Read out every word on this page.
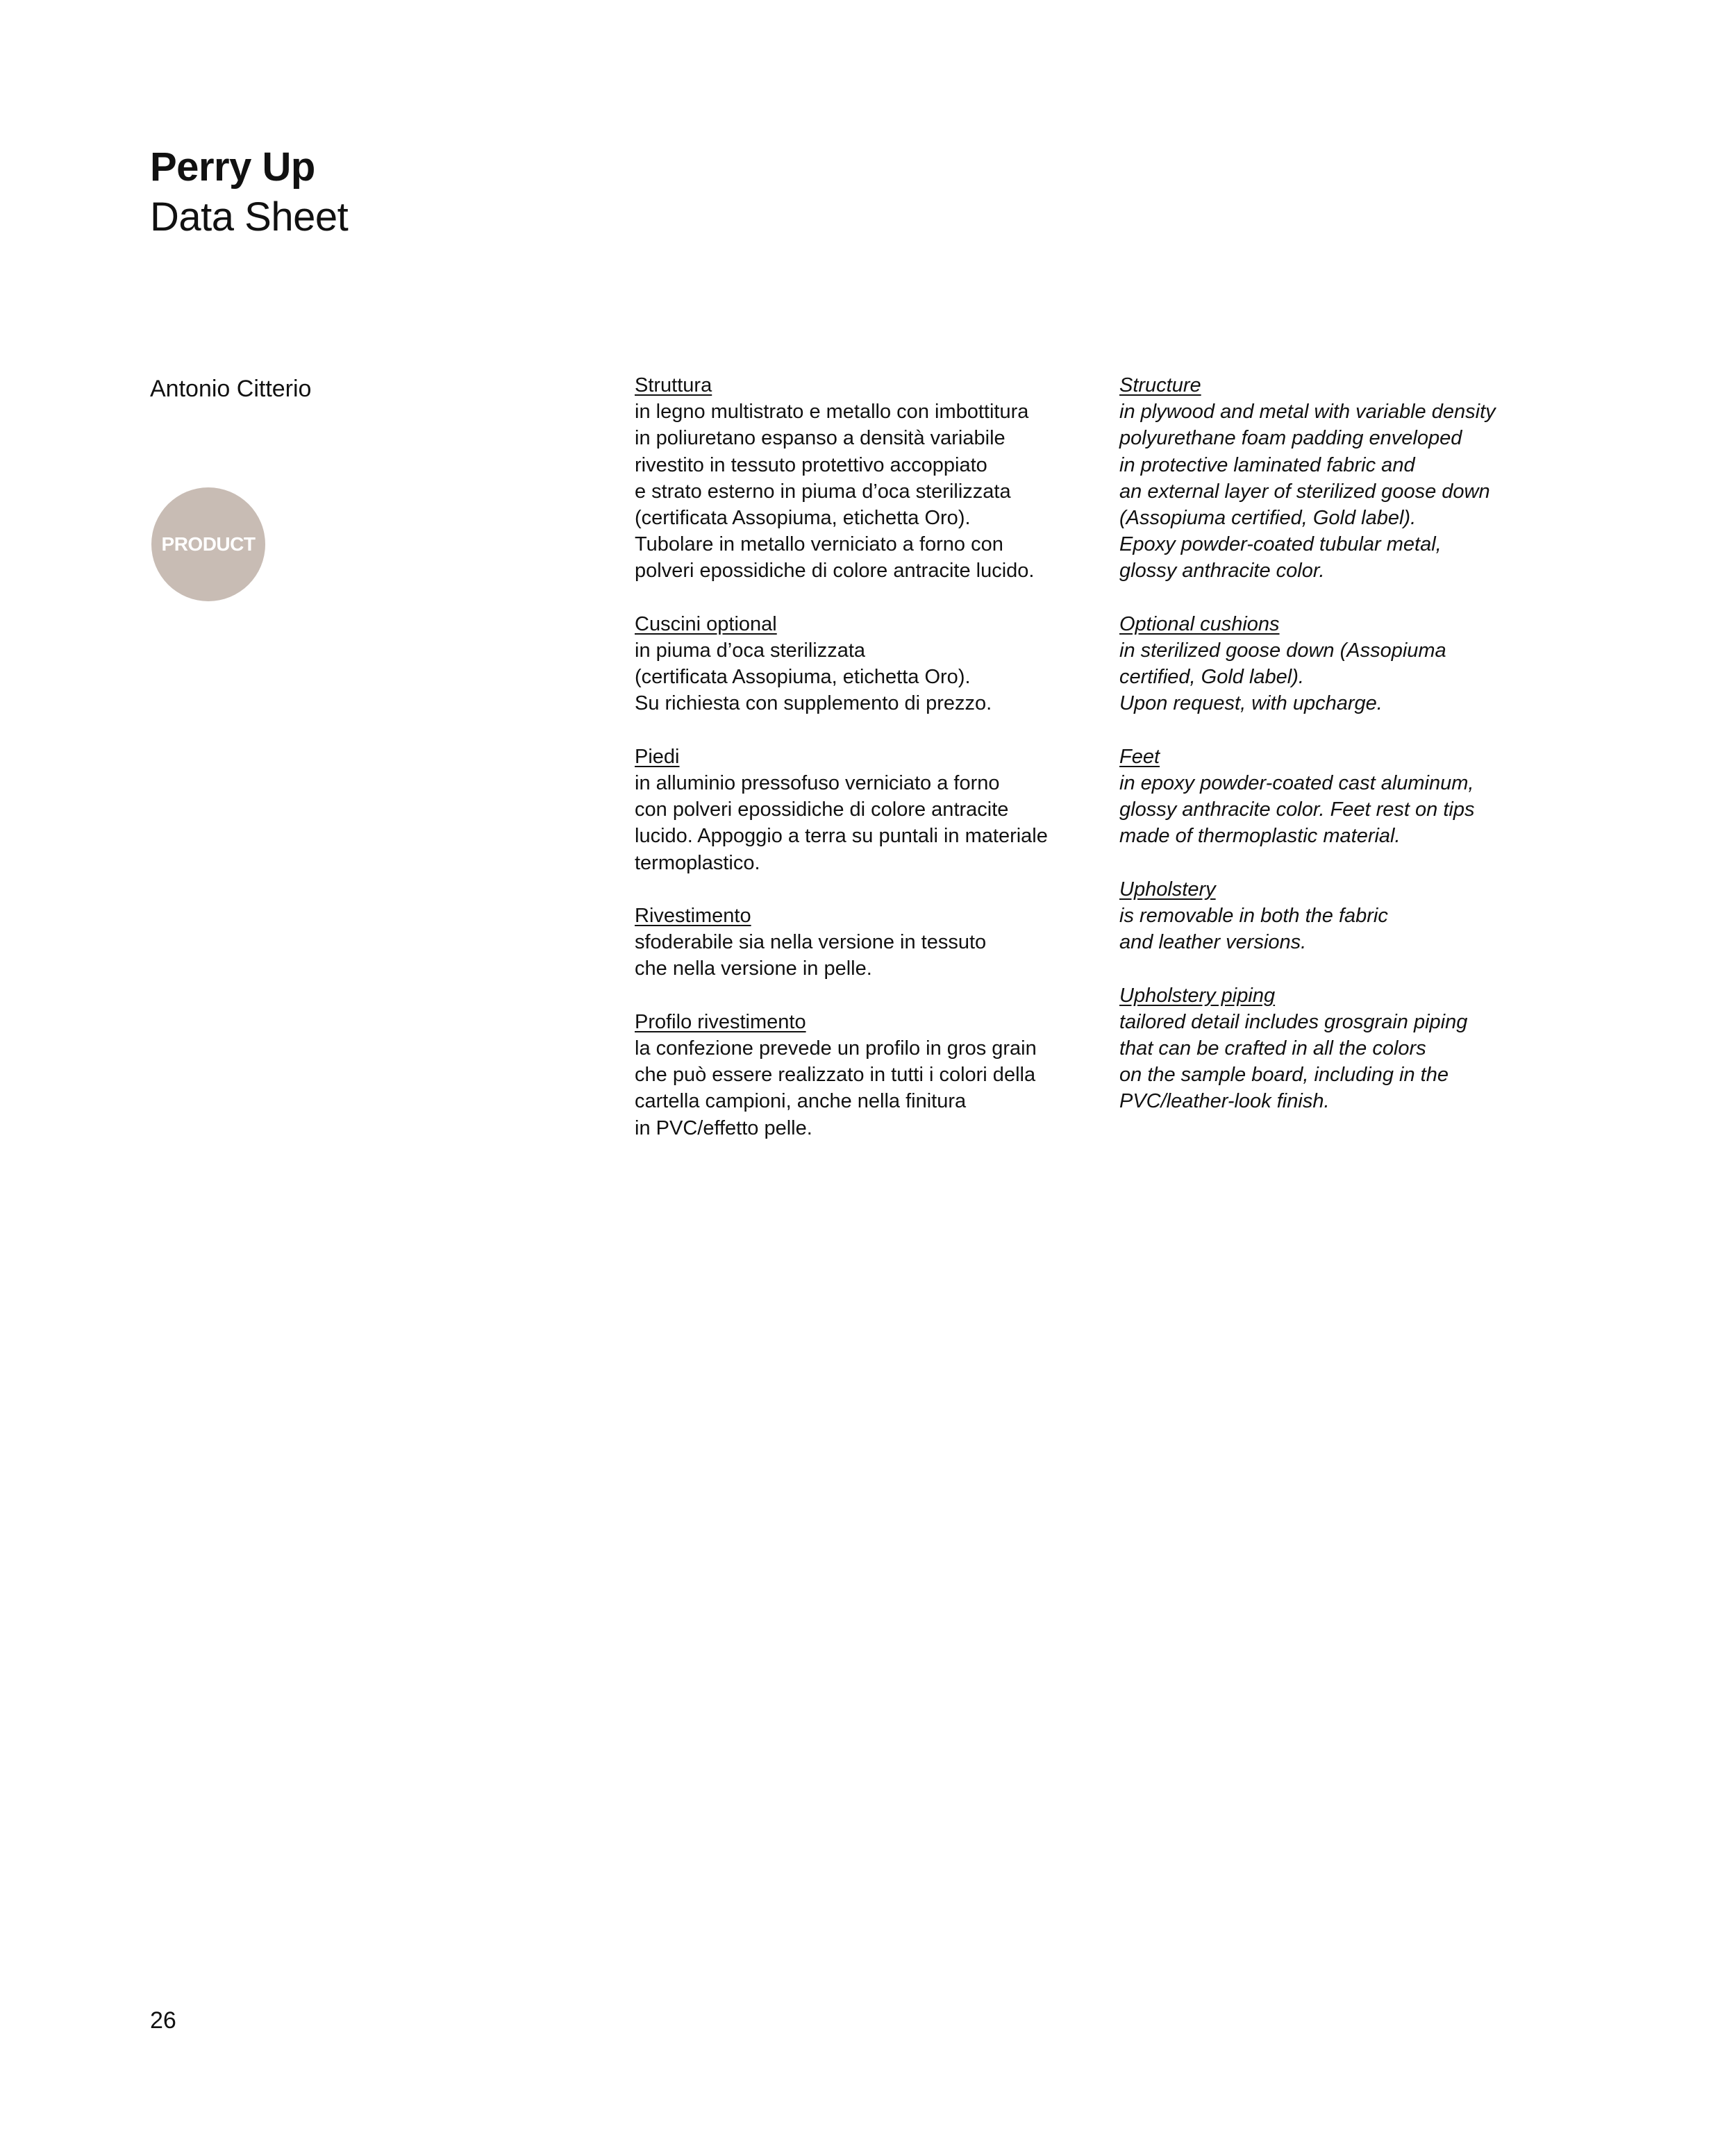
Perry Up
Data Sheet
Antonio Citterio
PRODUCT
Struttura
in legno multistrato e metallo con imbottitura
in poliuretano espanso a densità variabile
rivestito in tessuto protettivo accoppiato
e strato esterno in piuma d’oca sterilizzata
(certificata Assopiuma, etichetta Oro).
Tubolare in metallo verniciato a forno con
polveri epossidiche di colore antracite lucido.
Cuscini optional
in piuma d’oca sterilizzata
(certificata Assopiuma, etichetta Oro).
Su richiesta con supplemento di prezzo.
Piedi
in alluminio pressofuso verniciato a forno
con polveri epossidiche di colore antracite
lucido. Appoggio a terra su puntali in materiale
termoplastico.
Rivestimento
sfoderabile sia nella versione in tessuto
che nella versione in pelle.
Profilo rivestimento
la confezione prevede un profilo in gros grain
che può essere realizzato in tutti i colori della
cartella campioni, anche nella finitura
in PVC/effetto pelle.
Structure
in plywood and metal with variable density
polyurethane foam padding enveloped
in protective laminated fabric and
an external layer of sterilized goose down
(Assopiuma certified, Gold label).
Epoxy powder-coated tubular metal,
glossy anthracite color.
Optional cushions
in sterilized goose down (Assopiuma
certified, Gold label).
Upon request, with upcharge.
Feet
in epoxy powder-coated cast aluminum,
glossy anthracite color. Feet rest on tips
made of thermoplastic material.
Upholstery
is removable in both the fabric
and leather versions.
Upholstery piping
tailored detail includes grosgrain piping
that can be crafted in all the colors
on the sample board, including in the
PVC/leather-look finish.
26
